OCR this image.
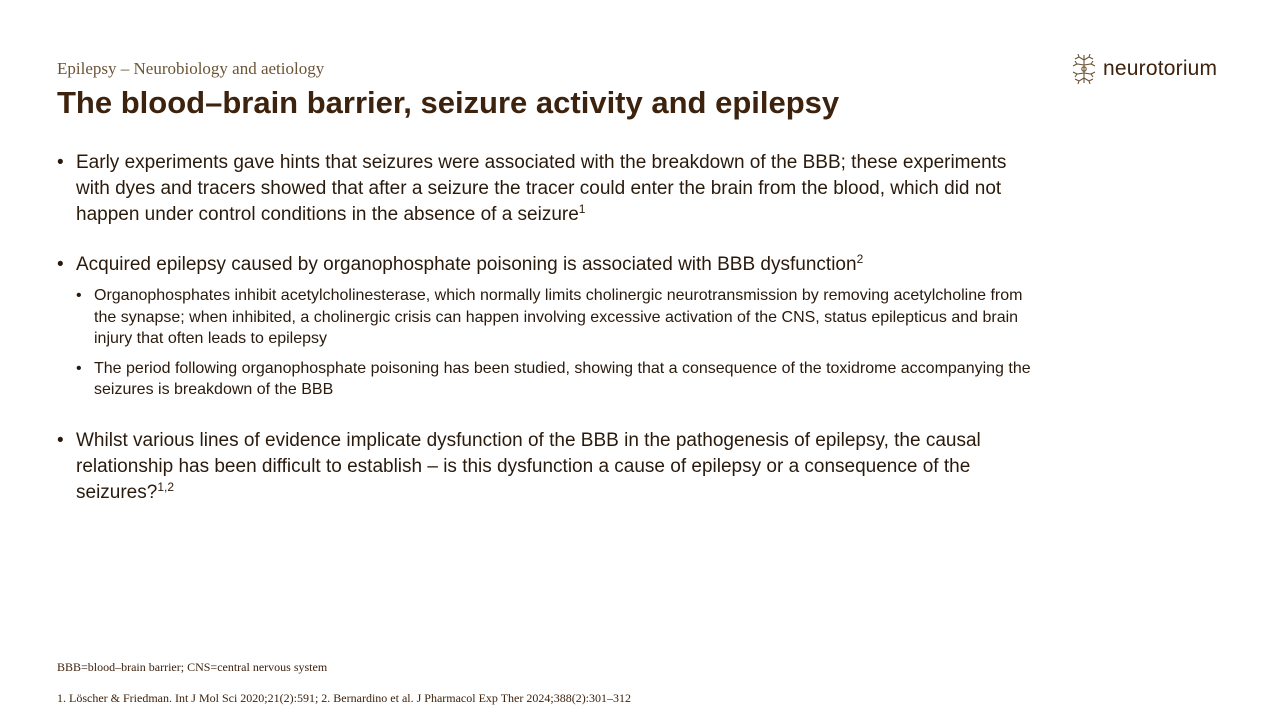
Epilepsy – Neurobiology and aetiology
The blood–brain barrier, seizure activity and epilepsy
neurotorium
• Early experiments gave hints that seizures were associated with the breakdown of the BBB; these experiments with dyes and tracers showed that after a seizure the tracer could enter the brain from the blood, which did not happen under control conditions in the absence of a seizure$^1$
• Acquired epilepsy caused by organophosphate poisoning is associated with BBB dysfunction$^2$
• Organophosphates inhibit acetylcholinesterase, which normally limits cholinergic neurotransmission by removing acetylcholine from the synapse; when inhibited, a cholinergic crisis can happen involving excessive activation of the CNS, status epilepticus and brain injury that often leads to epilepsy
• The period following organophosphate poisoning has been studied, showing that a consequence of the toxidrome accompanying the seizures is breakdown of the BBB
• Whilst various lines of evidence implicate dysfunction of the BBB in the pathogenesis of epilepsy, the causal relationship has been difficult to establish – is this dysfunction a cause of epilepsy or a consequence of the seizures?$^{1,2}$
BBB=blood–brain barrier; CNS=central nervous system
1. Löscher & Friedman. Int J Mol Sci 2020;21(2):591; 2. Bernardino et al. J Pharmacol Exp Ther 2024;388(2):301–312
